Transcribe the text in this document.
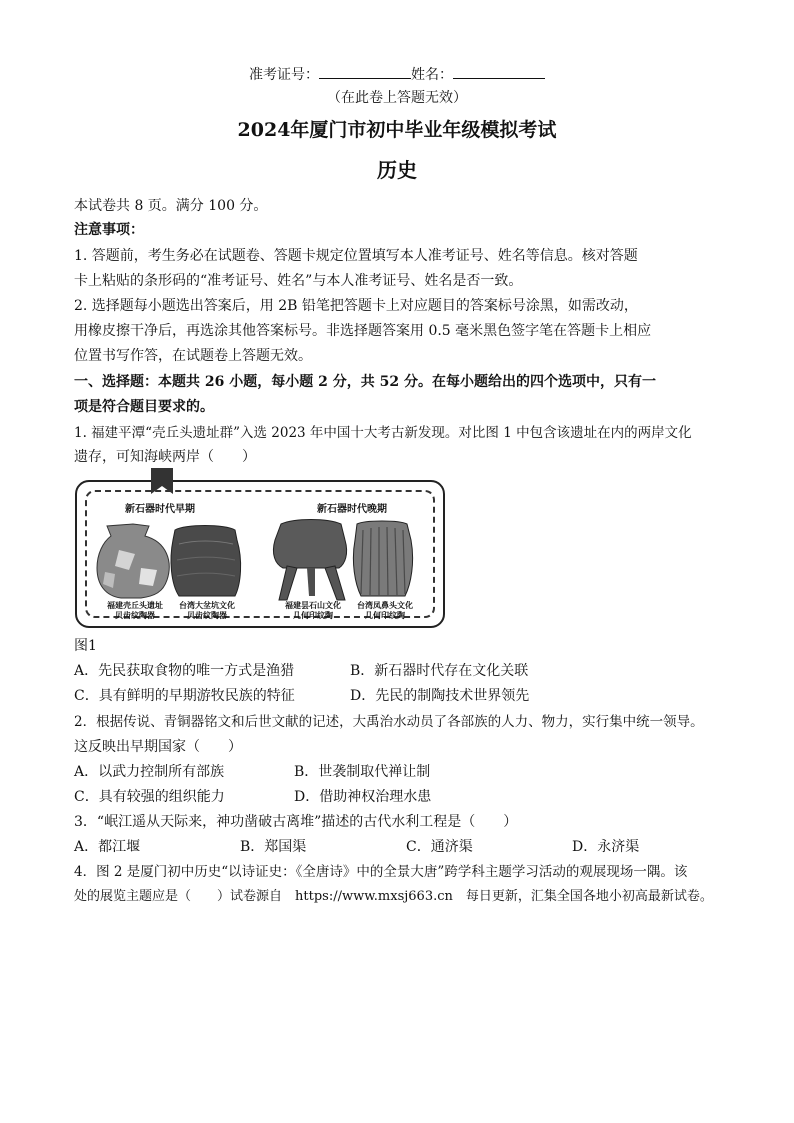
准考证号：	姓名：
（在此卷上答题无效）
2024年厦门市初中毕业年级模拟考试
历史
本试卷共 8 页。满分 100 分。
注意事项：
1. 答题前，考生务必在试题卷、答题卡规定位置填写本人准考证号、姓名等信息。核对答题
卡上粘贴的条形码的“准考证号、姓名”与本人准考证号、姓名是否一致。
2. 选择题每小题选出答案后，用 2B 铅笔把答题卡上对应题目的答案标号涂黑，如需改动，
用橡皮擦干净后，再选涂其他答案标号。非选择题答案用 0.5 毫米黑色签字笔在答题卡上相应
位置书写作答，在试题卷上答题无效。
一、选择题：本题共 26 小题，每小题 2 分，共 52 分。在每小题给出的四个选项中，只有一
项是符合题目要求的。
1. 福建平潭“壳丘头遗址群”入选 2023 年中国十大考古新发现。对比图 1 中包含该遗址在内的两岸文化
遗存，可知海峡两岸（　　）
新石器时代早期	新石器时代晚期
福建壳丘头遗址
贝齿纹陶器
台湾大坌坑文化
贝齿纹陶器
福建昙石山文化
几何印纹陶
台湾凤鼻头文化
几何印纹陶
图1
A．先民获取食物的唯一方式是渔猎	B．新石器时代存在文化关联
C．具有鲜明的早期游牧民族的特征	D．先民的制陶技术世界领先
2．根据传说、青铜器铭文和后世文献的记述，大禹治水动员了各部族的人力、物力，实行集中统一领导。
这反映出早期国家（　　）
A．以武力控制所有部族	B．世袭制取代禅让制
C．具有较强的组织能力	D．借助神权治理水患
3．“岷江遥从天际来，神功凿破古离堆”描述的古代水利工程是（　　）
A．都江堰	B．郑国渠	C．通济渠	D．永济渠
4．图 2 是厦门初中历史“以诗证史：《全唐诗》中的全景大唐”跨学科主题学习活动的观展现场一隅。该
处的展览主题应是（　　）试卷源自　https://www.mxsj663.cn　每日更新，汇集全国各地小初高最新试卷。
